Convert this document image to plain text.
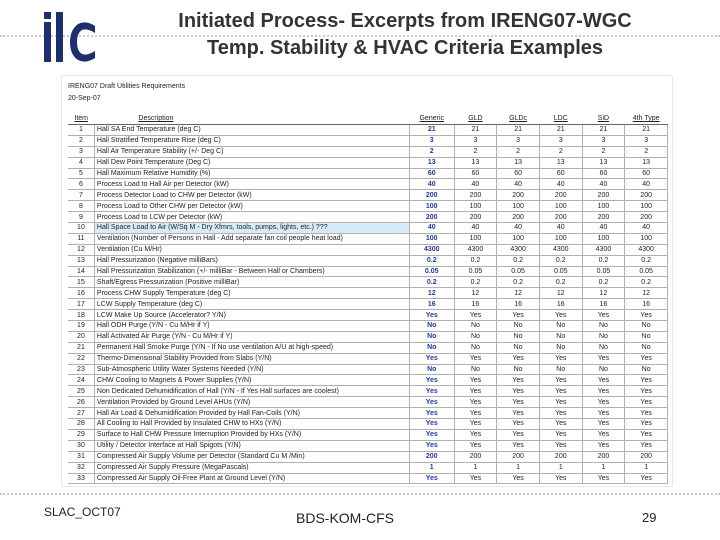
Initiated Process- Excerpts from IRENG07-WGC
Temp. Stability & HVAC Criteria Examples
IRENG07 Draft Utilities Requirements
20-Sep-07
Item	Description	Generic	GLD	GLDc	LDC	SiD	4th Type
1	Hall SA End Temperature (deg C)	21	21	21	21	21	21
2	Hall Stratified Temperature Rise (deg C)	3	3	3	3	3	3
3	Hall Air Temperature Stability (+/- Deg C)	2	2	2	2	2	2
4	Hall Dew Point Temperature (Deg C)	13	13	13	13	13	13
5	Hall Maximum Relative Humidity (%)	60	60	60	60	60	60
6	Process Load to Hall Air per Detector (kW)	40	40	40	40	40	40
7	Process Detector Load to CHW per Detector (kW)	200	200	200	200	200	200
8	Process Load to Other CHW per Detector (kW)	100	100	100	100	100	100
9	Process Load to LCW per Detector (kW)	200	200	200	200	200	200
10	Hall Space Load to Air (W/Sq M - Dry Xfmrs, tools, pumps, lights, etc.) ???	40	40	40	40	40	40
11	Ventilation (Number of Persons in Hall - Add separate fan coil people heat load)	100	100	100	100	100	100
12	Ventilation (Cu M/Hr)	4300	4300	4300	4300	4300	4300
13	Hall Pressurization (Negative milliBars)	0.2	0.2	0.2	0.2	0.2	0.2
14	Hall Pressurization Stabilization (+/- milliBar - Between Hall or Chambers)	0.05	0.05	0.05	0.05	0.05	0.05
15	Shaft/Egress Pressurization (Positive milliBar)	0.2	0.2	0.2	0.2	0.2	0.2
16	Process CHW Supply Temperature (deg C)	12	12	12	12	12	12
17	LCW Supply Temperature (deg C)	16	16	16	16	16	16
18	LCW Make Up Source (Accelerator? Y/N)	Yes	Yes	Yes	Yes	Yes	Yes
19	Hall ODH Purge (Y/N - Cu M/Hr if Y)	No	No	No	No	No	No
20	Hall Activated Air Purge (Y/N - Cu M/Hr if Y)	No	No	No	No	No	No
21	Permanent Hall Smoke Purge (Y/N - If No use ventilation A/U at high-speed)	No	No	No	No	No	No
22	Thermo-Dimensional Stability Provided from Slabs (Y/N)	Yes	Yes	Yes	Yes	Yes	Yes
23	Sub-Atmospheric Utility Water Systems Needed (Y/N)	No	No	No	No	No	No
24	CHW Cooling to Magnets & Power Supplies (Y/N)	Yes	Yes	Yes	Yes	Yes	Yes
25	Non Dedicated Dehumidification of Hall (Y/N - If Yes Hall surfaces are coolest)	Yes	Yes	Yes	Yes	Yes	Yes
26	Ventilation Provided by Ground Level AHUs (Y/N)	Yes	Yes	Yes	Yes	Yes	Yes
27	Hall Air Load & Dehumidification Provided by Hall Fan-Coils (Y/N)	Yes	Yes	Yes	Yes	Yes	Yes
28	All Cooling to Hall Provided by Insulated CHW to HXs (Y/N)	Yes	Yes	Yes	Yes	Yes	Yes
29	Surface to Hall CHW Pressure Interruption Provided by HXs (Y/N)	Yes	Yes	Yes	Yes	Yes	Yes
30	Utility / Detector Interface at Hall Spigots (Y/N)	Yes	Yes	Yes	Yes	Yes	Yes
31	Compressed Air Supply Volume per Detector (Standard Cu M /Min)	200	200	200	200	200	200
32	Compressed Air Supply Pressure (MegaPascals)	1	1	1	1	1	1
33	Compressed Air Supply Oil-Free Plant at Ground Level (Y/N)	Yes	Yes	Yes	Yes	Yes	Yes
SLAC_OCT07	BDS-KOM-CFS	29
